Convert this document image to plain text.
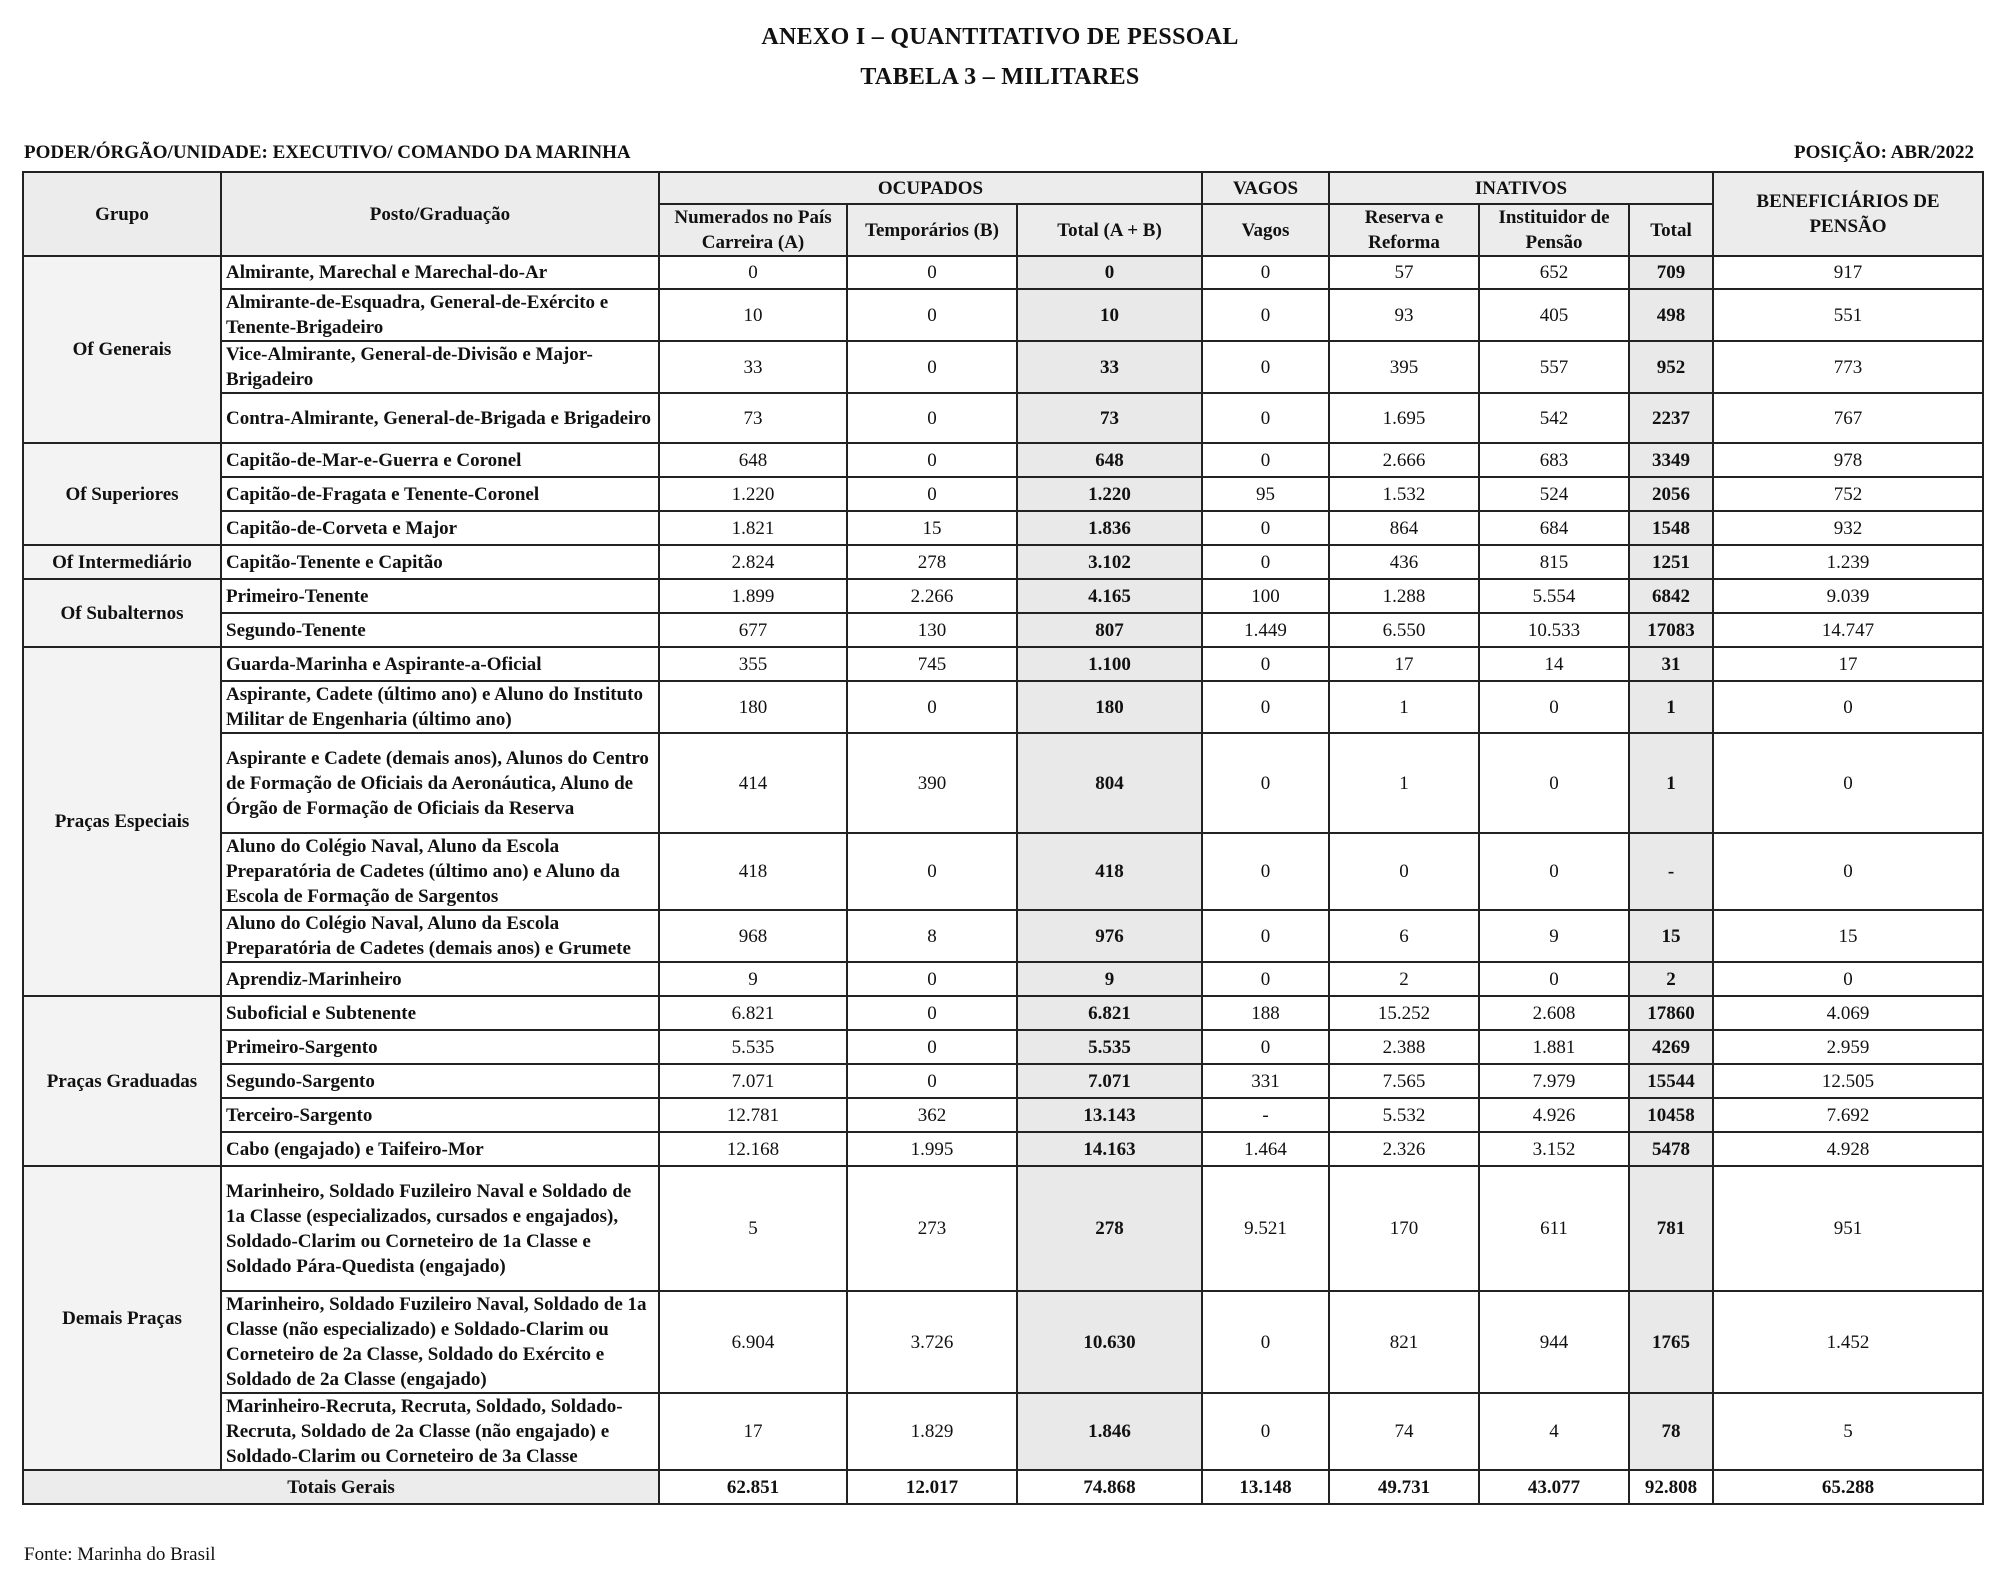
ANEXO I – QUANTITATIVO DE PESSOAL
TABELA 3 – MILITARES
PODER/ÓRGÃO/UNIDADE: EXECUTIVO/ COMANDO DA MARINHA	POSIÇÃO: ABR/2022
Grupo	Posto/Graduação	OCUPADOS			VAGOS	INATIVOS			BENEFICIÁRIOS DE PENSÃO
		Numerados no País Carreira (A)	Temporários (B)	Total (A + B)	Vagos	Reserva e Reforma	Instituidor de Pensão	Total	
Of Generais	Almirante, Marechal e Marechal-do-Ar	0	0	0	0	57	652	709	917
	Almirante-de-Esquadra, General-de-Exército e Tenente-Brigadeiro	10	0	10	0	93	405	498	551
	Vice-Almirante, General-de-Divisão e Major-Brigadeiro	33	0	33	0	395	557	952	773
	Contra-Almirante, General-de-Brigada e Brigadeiro	73	0	73	0	1.695	542	2237	767
Of Superiores	Capitão-de-Mar-e-Guerra e Coronel	648	0	648	0	2.666	683	3349	978
	Capitão-de-Fragata e Tenente-Coronel	1.220	0	1.220	95	1.532	524	2056	752
	Capitão-de-Corveta e Major	1.821	15	1.836	0	864	684	1548	932
Of Intermediário	Capitão-Tenente e Capitão	2.824	278	3.102	0	436	815	1251	1.239
Of Subalternos	Primeiro-Tenente	1.899	2.266	4.165	100	1.288	5.554	6842	9.039
	Segundo-Tenente	677	130	807	1.449	6.550	10.533	17083	14.747
Praças Especiais	Guarda-Marinha e Aspirante-a-Oficial	355	745	1.100	0	17	14	31	17
	Aspirante, Cadete (último ano) e Aluno do Instituto Militar de Engenharia (último ano)	180	0	180	0	1	0	1	0
	Aspirante e Cadete (demais anos), Alunos do Centro de Formação de Oficiais da Aeronáutica, Aluno de Órgão de Formação de Oficiais da Reserva	414	390	804	0	1	0	1	0
	Aluno do Colégio Naval, Aluno da Escola Preparatória de Cadetes (último ano) e Aluno da Escola de Formação de Sargentos	418	0	418	0	0	0	-	0
	Aluno do Colégio Naval, Aluno da Escola Preparatória de Cadetes (demais anos) e Grumete	968	8	976	0	6	9	15	15
	Aprendiz-Marinheiro	9	0	9	0	2	0	2	0
Praças Graduadas	Suboficial e Subtenente	6.821	0	6.821	188	15.252	2.608	17860	4.069
	Primeiro-Sargento	5.535	0	5.535	0	2.388	1.881	4269	2.959
	Segundo-Sargento	7.071	0	7.071	331	7.565	7.979	15544	12.505
	Terceiro-Sargento	12.781	362	13.143	-	5.532	4.926	10458	7.692
	Cabo (engajado) e Taifeiro-Mor	12.168	1.995	14.163	1.464	2.326	3.152	5478	4.928
Demais Praças	Marinheiro, Soldado Fuzileiro Naval e Soldado de 1a Classe (especializados, cursados e engajados), Soldado-Clarim ou Corneteiro de 1a Classe e Soldado Pára-Quedista (engajado)	5	273	278	9.521	170	611	781	951
	Marinheiro, Soldado Fuzileiro Naval, Soldado de 1a Classe (não especializado) e Soldado-Clarim ou Corneteiro de 2a Classe, Soldado do Exército e Soldado de 2a Classe (engajado)	6.904	3.726	10.630	0	821	944	1765	1.452
	Marinheiro-Recruta, Recruta, Soldado, Soldado-Recruta, Soldado de 2a Classe (não engajado) e Soldado-Clarim ou Corneteiro de 3a Classe	17	1.829	1.846	0	74	4	78	5
Totais Gerais		62.851	12.017	74.868	13.148	49.731	43.077	92.808	65.288
Fonte: Marinha do Brasil
